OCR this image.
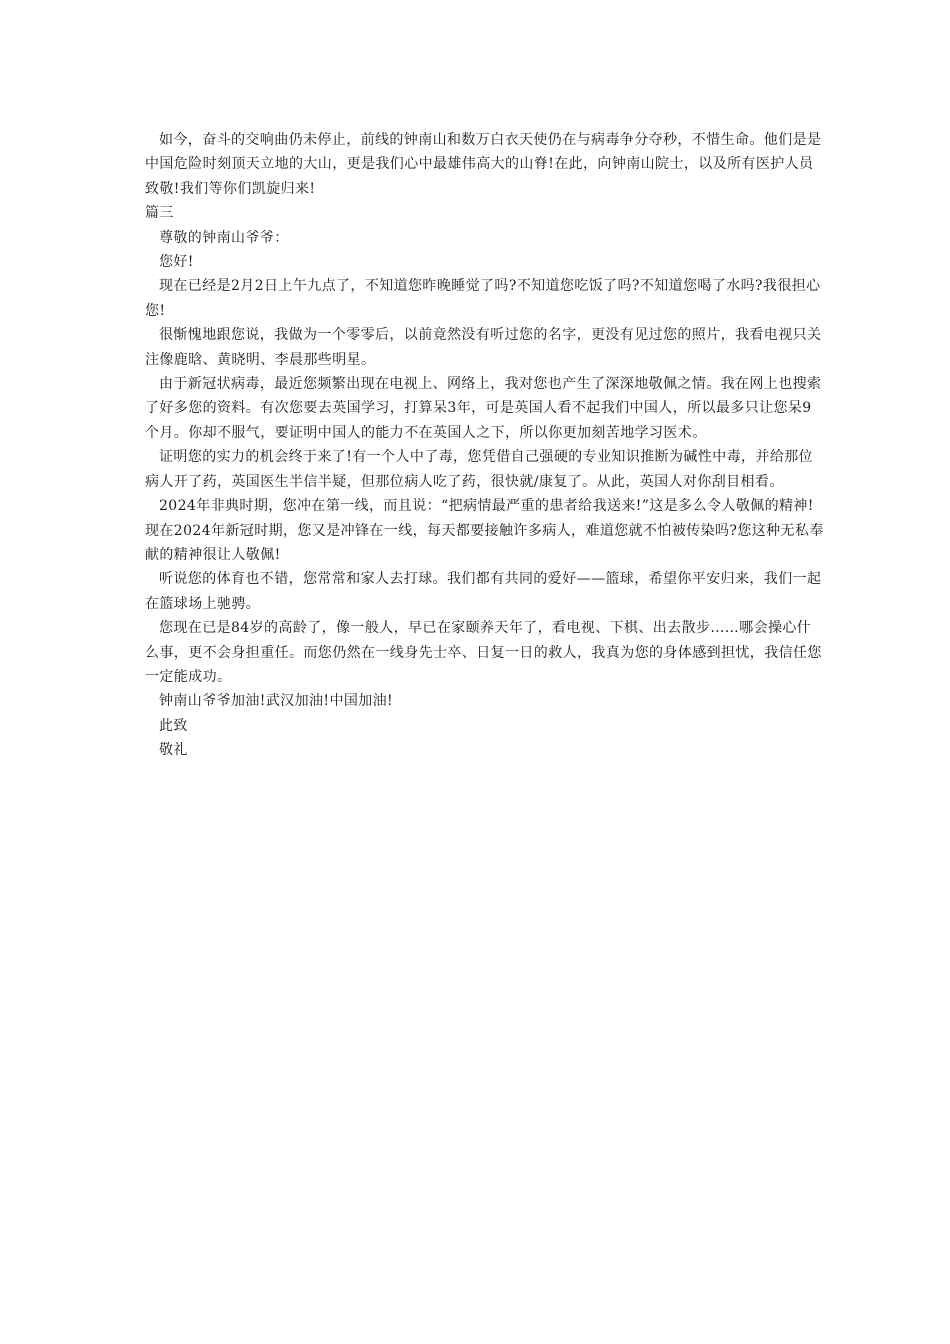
如今，奋斗的交响曲仍未停止，前线的钟南山和数万白衣天使仍在与病毒争分夺秒，不惜生命。他们是是中国危险时刻顶天立地的大山，更是我们心中最雄伟高大的山脊!在此，向钟南山院士，以及所有医护人员致敬!我们等你们凯旋归来!

篇三

尊敬的钟南山爷爷：

您好!

现在已经是2月2日上午九点了，不知道您昨晚睡觉了吗?不知道您吃饭了吗?不知道您喝了水吗?我很担心您!

很惭愧地跟您说，我做为一个零零后，以前竟然没有听过您的名字，更没有见过您的照片，我看电视只关注像鹿晗、黄晓明、李晨那些明星。

由于新冠状病毒，最近您频繁出现在电视上、网络上，我对您也产生了深深地敬佩之情。我在网上也搜索了好多您的资料。有次您要去英国学习，打算呆3年，可是英国人看不起我们中国人，所以最多只让您呆9个月。你却不服气，要证明中国人的能力不在英国人之下，所以你更加刻苦地学习医术。

证明您的实力的机会终于来了!有一个人中了毒，您凭借自己强硬的专业知识推断为碱性中毒，并给那位病人开了药，英国医生半信半疑，但那位病人吃了药，很快就/康复了。从此，英国人对你刮目相看。

2024年非典时期，您冲在第一线，而且说：“把病情最严重的患者给我送来!”这是多么令人敬佩的精神!现在2024年新冠时期，您又是冲锋在一线，每天都要接触许多病人，难道您就不怕被传染吗?您这种无私奉献的精神很让人敬佩!

听说您的体育也不错，您常常和家人去打球。我们都有共同的爱好——篮球，希望你平安归来，我们一起在篮球场上驰骋。

您现在已是84岁的高龄了，像一般人，早已在家颐养天年了，看电视、下棋、出去散步……哪会操心什么事，更不会身担重任。而您仍然在一线身先士卒、日复一日的救人，我真为您的身体感到担忧，我信任您一定能成功。

钟南山爷爷加油!武汉加油!中国加油!

此致

敬礼
